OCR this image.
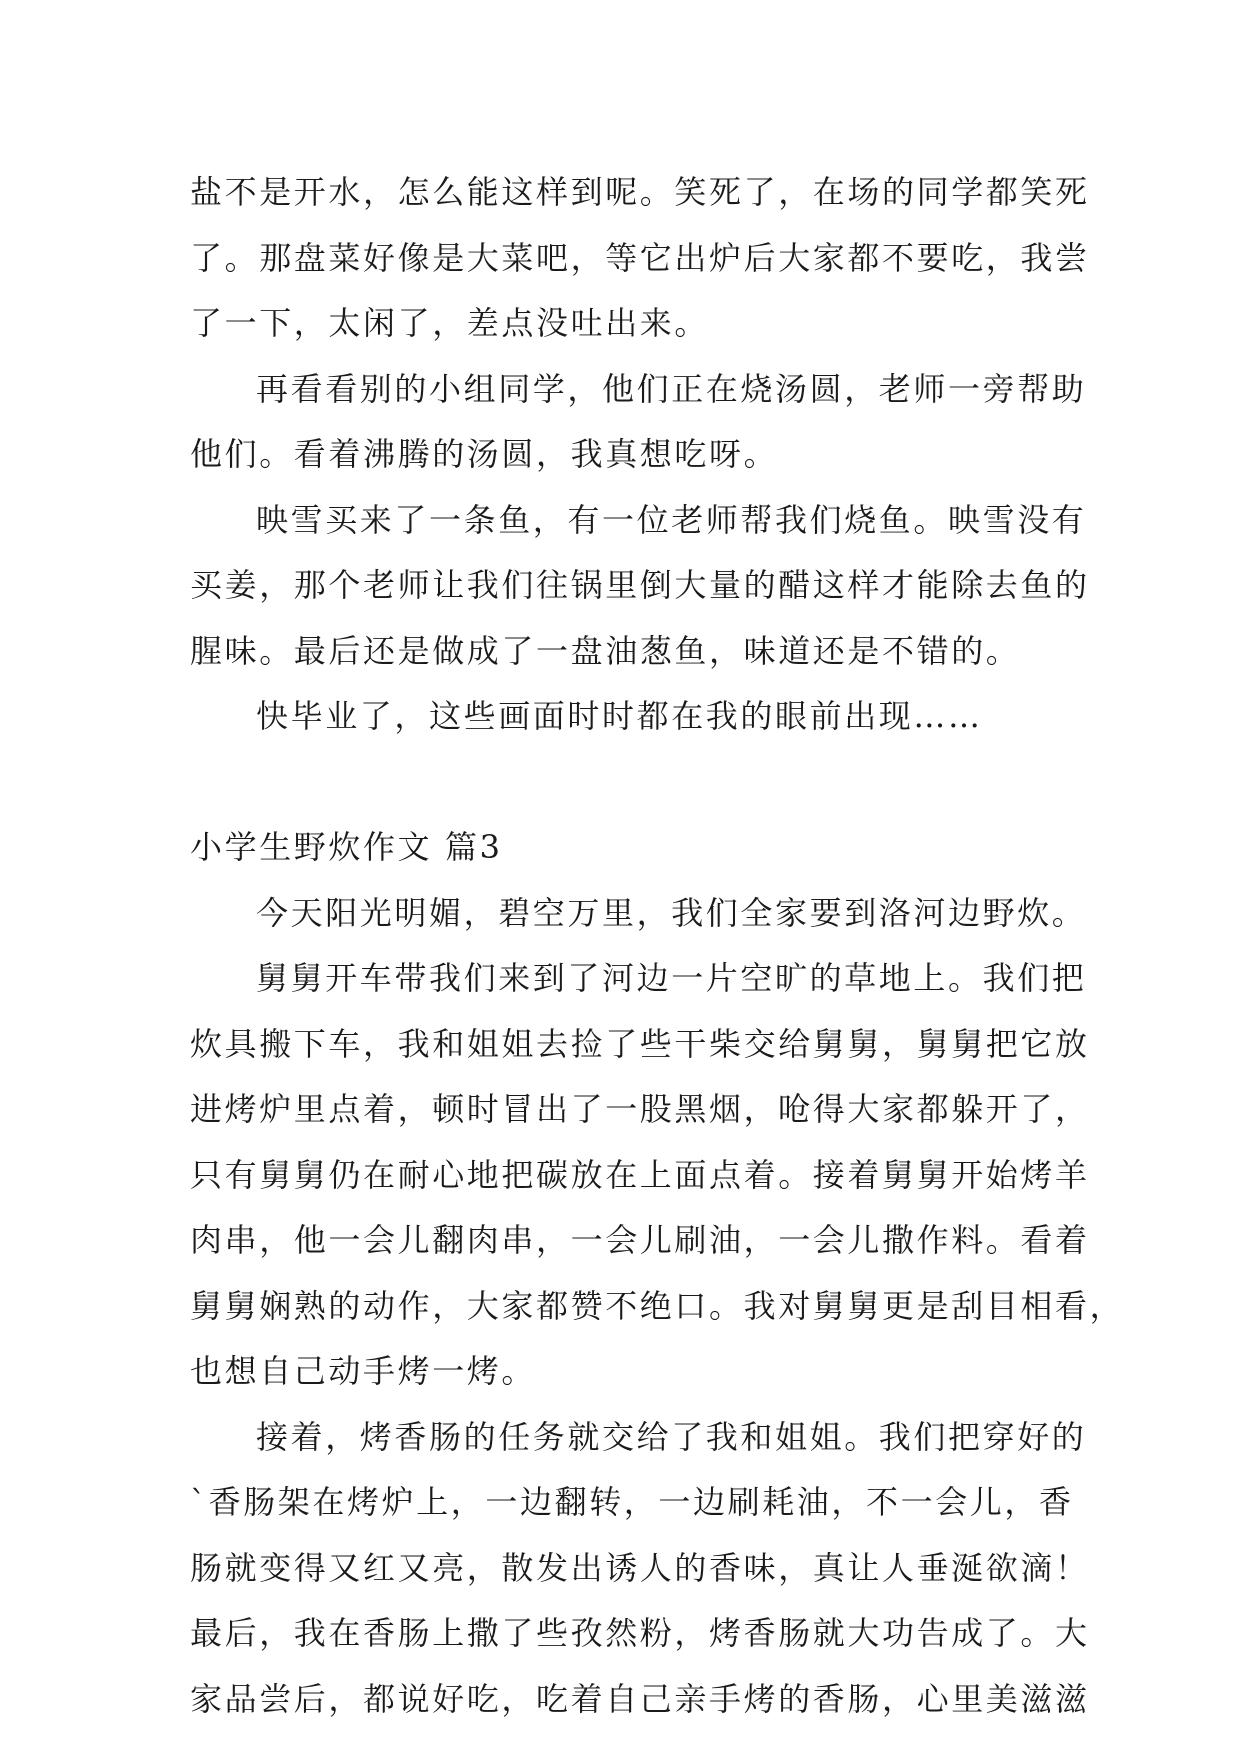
盐不是开水，怎么能这样到呢。笑死了，在场的同学都笑死
了。那盘菜好像是大菜吧，等它出炉后大家都不要吃，我尝
了一下，太闲了，差点没吐出来。
再看看别的小组同学，他们正在烧汤圆，老师一旁帮助
他们。看着沸腾的汤圆，我真想吃呀。
映雪买来了一条鱼，有一位老师帮我们烧鱼。映雪没有
买姜，那个老师让我们往锅里倒大量的醋这样才能除去鱼的
腥味。最后还是做成了一盘油葱鱼，味道还是不错的。
快毕业了，这些画面时时都在我的眼前出现……
小学生野炊作文 篇3
今天阳光明媚，碧空万里，我们全家要到洛河边野炊。
舅舅开车带我们来到了河边一片空旷的草地上。我们把
炊具搬下车，我和姐姐去捡了些干柴交给舅舅，舅舅把它放
进烤炉里点着，顿时冒出了一股黑烟，呛得大家都躲开了，
只有舅舅仍在耐心地把碳放在上面点着。接着舅舅开始烤羊
肉串，他一会儿翻肉串，一会儿刷油，一会儿撒作料。看着
舅舅娴熟的动作，大家都赞不绝口。我对舅舅更是刮目相看，
也想自己动手烤一烤。
接着，烤香肠的任务就交给了我和姐姐。我们把穿好的
`香肠架在烤炉上，一边翻转，一边刷耗油，不一会儿，香
肠就变得又红又亮，散发出诱人的香味，真让人垂涎欲滴！
最后，我在香肠上撒了些孜然粉，烤香肠就大功告成了。大
家品尝后，都说好吃，吃着自己亲手烤的香肠，心里美滋滋
